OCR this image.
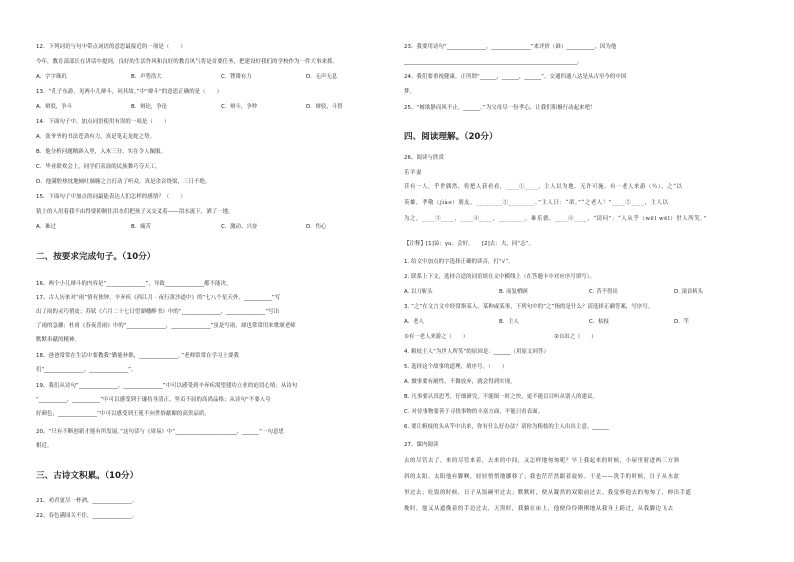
12、下列词语与句中带点词语的意思最接近的一项是（　　）
今年，教育部部长在讲话中提到，良好的生活作风和良好的教育风气将是首要任务，把建设好我们的学校作为一件大事来抓。
A．字字珠玑	B．声势浩大	C．铿锵有力	D．无声无息
13．“孔子东游，见两小儿辩斗，问其故。”中“辩斗”的意思正确的是（　　）
A．辩驳，争斗	B．辩论，争论	C．辩斗，争吵	D．辩驳，斗智
14．下面句子中，加点词语使用有误的一项是（　　）
A．张爷爷的书法苍劲有力，真是笔走龙蛇之势。
B．他分析问题精辟入里，入木三分，实在令人佩服。
C．毕业联欢会上，同学们表演的民族舞巧夺天工。
D．他满腔热忱地倾吐肺腑之言打动了听众，真是余音绕梁，三日不绝。
15．下面句子中加点的词最能表达人们怎样的感情？（　　）
猜上的人用着我不由得要抑制住泪水们把孩子又交叉着——泪水流下，洒了一地。
A．难过	B．痛苦	C．激动、兴奋	D．伤心
二、按要求完成句子。（10分）
16、两个小儿辩斗的内容是“______________”，导致______________都不能决。
17、古人历来对“雨”情有独钟，辛弃疾《西江月 · 夜行黄沙道中》的“七八个星天外，__________”写
出了雨的灵巧俏皮；苏轼《六月二十七日望湖楼醉书》中的“______________，______________”写出
了雨的急骤；杜甫《春夜喜雨》中的“______________，______________”虽是写雨，却也常常用来歌颂老师
默默奉献的精神。
18、爸爸常常在生活中要教我“勤能补拙，______________。”老师常常在学习上要我
们“______________，______________”。
19、我们从诗句“______________，______________”中可以感受到辛弃疾渴望建功立业的迫切心情；从诗句
“__________，__________”中可以感受到于谦持身清正、坚贞不屈的高尚品格；从诗句“不要人夸
好颜色，______________”中可以感受到王冕不向世俗献媚的高贵品质。
20、“只有不断创新才能有所发展。”这句话与《周易》中“______________________，______”一句意思
相近。
三、古诗文积累。（10分）
21、劝君更尽一杯酒，______________。
22、春色满园关不住，______________。
23、我要用诗句“______________，______________”来评价（谁）__________，因为他
______________________________________________________________。
24、我们要重视健康，正所谓“______，______，______”。交通四通八达是从古至今的中国
梦。
25、“树欲静而风不止，______。”为父母尽一份孝心，让我们积极行动起来吧！
四、阅读理解。（20分）
26、阅读与欣赏
乐羊妻
昔有一人，乎世偶然，将把人获看看，____①____，主人以为地，无许可施。有一老人来游（½），之“以
英雄，孝敬（jìào）朋友，________②________。”主人曰：“诺。”“之老人！”____②____，主人以
为之，____③____，____④____，________，难乐德，____④____，“请问”：“人从乎（wēl wēl）世人所笑。”
【注释】[1]谅：yu。会好。　　[2]去：夫，同“志”。
1. 给文中加点的字选择正确的读音，打“√”。
2. 联系上下文，选择合适的词语填在文中横线上（在答题卡中对应序号填写）。
A. 以刀斩头	B. 而复梢顾	C. 昔不得出	D. 滚首斩头
3. “之”在文言文中经常指某人、某种或某事，下列句中的“之”指的是什么？请选择正确答案，写序号。
A．老人	B．主人	C．枯枝	D．竿
①有一老人来游之（　　）	②自出之（　　）
4. 粗枝主人“为世人所笑”的原因是：______（用原文回答）
5. 选择这个故事的道理，填序号。（　　）
A. 做事要有耐性，不做放弃，就会得到实现。
B. 凡事要认真思考，仔细研究，不能图一时之快，更不能盲目听从别人的建议。
C. 对待事物要善于寻找事物的丰富方面，不能只看表面。
6. 要让粗枝的头从竿中出来，你有什么好办法？请你为粗枝的主人出出主意。______
27、课内阅读
去的尽管去了，来的尽管来着，去来的中间，又怎样地匆匆呢？早上我起来的时候，小屋里射进两三方斜
斜的太阳。太阳他有脚啊，轻轻悄悄地挪移了；我也茫茫然跟着旋转。于是——洗手的时候，日子从水盆
里过去；吃饭的时候，日子从饭碗里过去；默默时，便从凝然的双眼前过去。我觉察他去的匆匆了，伸出手遮
挽时，他又从遮挽着的手边过去，天黑时，我躺在床上，他便伶伶俐俐地从我身上跨过，从我脚边飞去
